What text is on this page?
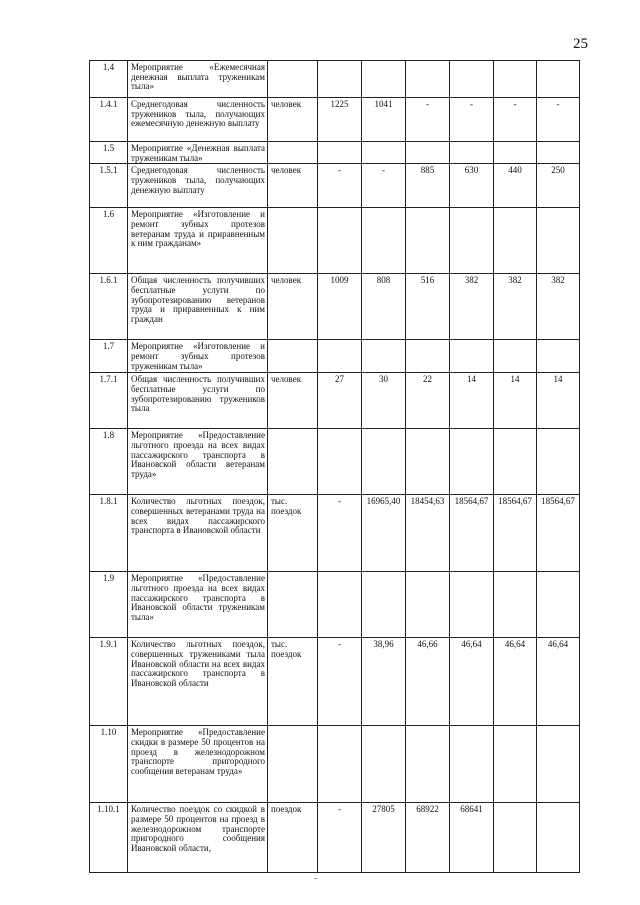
25
1.4	Мероприятие «Ежемесячная денежная выплата труженикам тыла»							
1.4.1	Среднегодовая численность тружеников тыла, получающих ежемесячную денежную выплату	человек	1225	1041	-	-	-	-
1.5	Мероприятие «Денежная выплата труженикам тыла»							
1.5.1	Среднегодовая численность тружеников тыла, получающих денежную выплату	человек	-	-	885	630	440	250
1.6	Мероприятие «Изготовление и ремонт зубных протезов ветеранам труда и приравненным к ним гражданам»							
1.6.1	Общая численность получивших бесплатные услуги по зубопротезированию ветеранов труда и приравненных к ним граждан	человек	1009	808	516	382	382	382
1.7	Мероприятие «Изготовление и ремонт зубных протезов труженикам тыла»							
1.7.1	Общая численность получивших бесплатные услуги по зубопротезированию тружеников тыла	человек	27	30	22	14	14	14
1.8	Мероприятие «Предоставление льготного проезда на всех видах пассажирского транспорта в Ивановской области ветеранам труда»							
1.8.1	Количество льготных поездок, совершенных ветеранами труда на всех видах пассажирского транспорта в Ивановской области	тыс. поездок	-	16965,40	18454,63	18564,67	18564,67	18564,67
1.9	Мероприятие «Предоставление льготного проезда на всех видах пассажирского транспорта в Ивановской области труженикам тыла»							
1.9.1	Количество льготных поездок, совершенных тружениками тыла Ивановской области на всех видах пассажирского транспорта в Ивановской области	тыс. поездок	-	38,96	46,66	46,64	46,64	46,64
1.10	Мероприятие «Предоставление скидки в размере 50 процентов на проезд в железнодорожном транспорте пригородного сообщения ветеранам труда»							
1.10.1	Количество поездок со скидкой в размере 50 процентов на проезд в железнодорожном транспорте пригородного сообщения Ивановской области,	поездок	-	27805	68922	68641		
